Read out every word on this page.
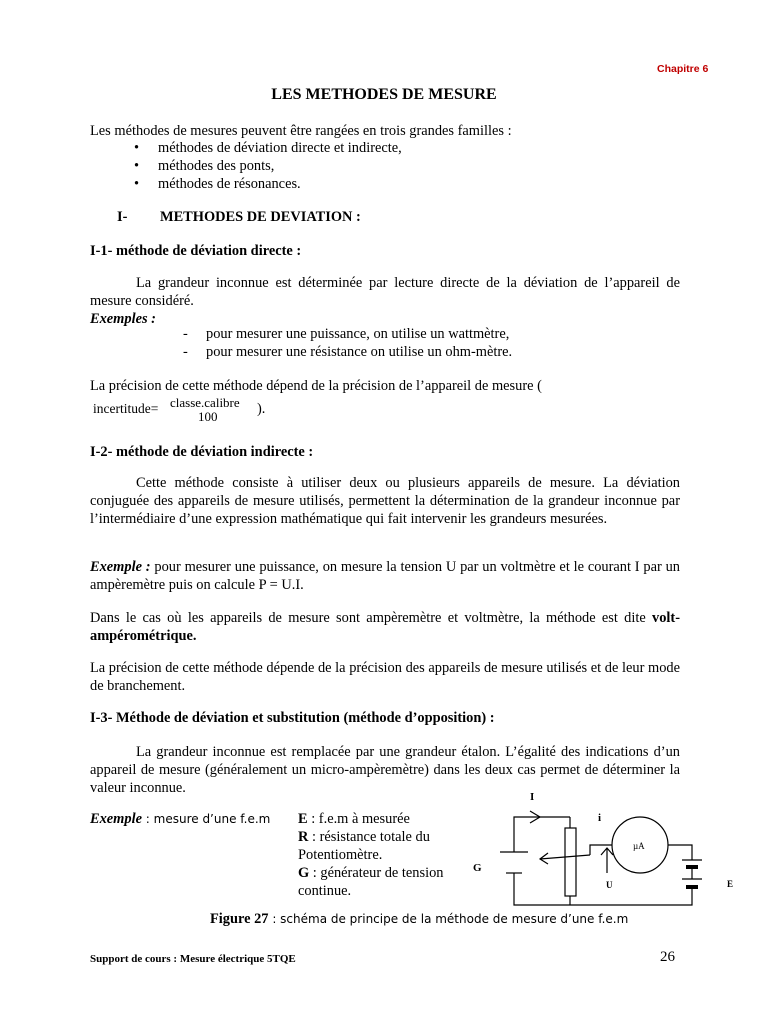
Chapitre 6
LES METHODES DE MESURE
Les méthodes de mesures peuvent être rangées en trois grandes familles :
• méthodes de déviation directe et indirecte,
• méthodes des ponts,
• méthodes de résonances.
I- METHODES DE DEVIATION :
I-1- méthode de déviation directe :
La grandeur inconnue est déterminée par lecture directe de la déviation de l’appareil de mesure considéré.
Exemples :
- pour mesurer une puissance, on utilise un wattmètre,
- pour mesurer une résistance on utilise un ohm-mètre.
La précision de cette méthode dépend de la précision de l’appareil de mesure (
incertitude= classe.calibre
100	).
I-2- méthode de déviation indirecte :
Cette méthode consiste à utiliser deux ou plusieurs appareils de mesure. La déviation conjuguée des appareils de mesure utilisés, permettent la détermination de la grandeur inconnue par l’intermédiaire d’une expression mathématique qui fait intervenir les grandeurs mesurées.
Exemple : pour mesurer une puissance, on mesure la tension U par un voltmètre et le courant I par un ampèremètre puis on calcule P = U.I.
Dans le cas où les appareils de mesure sont ampèremètre et voltmètre, la méthode est dite volt-ampérométrique.
La précision de cette méthode dépende de la précision des appareils de mesure utilisés et de leur mode de branchement.
I-3- Méthode de déviation et substitution (méthode d’opposition) :
La grandeur inconnue est remplacée par une grandeur étalon. L’égalité des indications d’un appareil de mesure (généralement un micro-ampèremètre) dans les deux cas permet de déterminer la valeur inconnue.
Exemple : mesure d’une f.e.m E : f.e.m à mesurée
R : résistance totale du Potentiomètre.
G : générateur de tension continue.
I
i
G
U	E
µA
Figure 27 : schéma de principe de la méthode de mesure d’une f.e.m
Support de cours : Mesure électrique 5TQE	26
